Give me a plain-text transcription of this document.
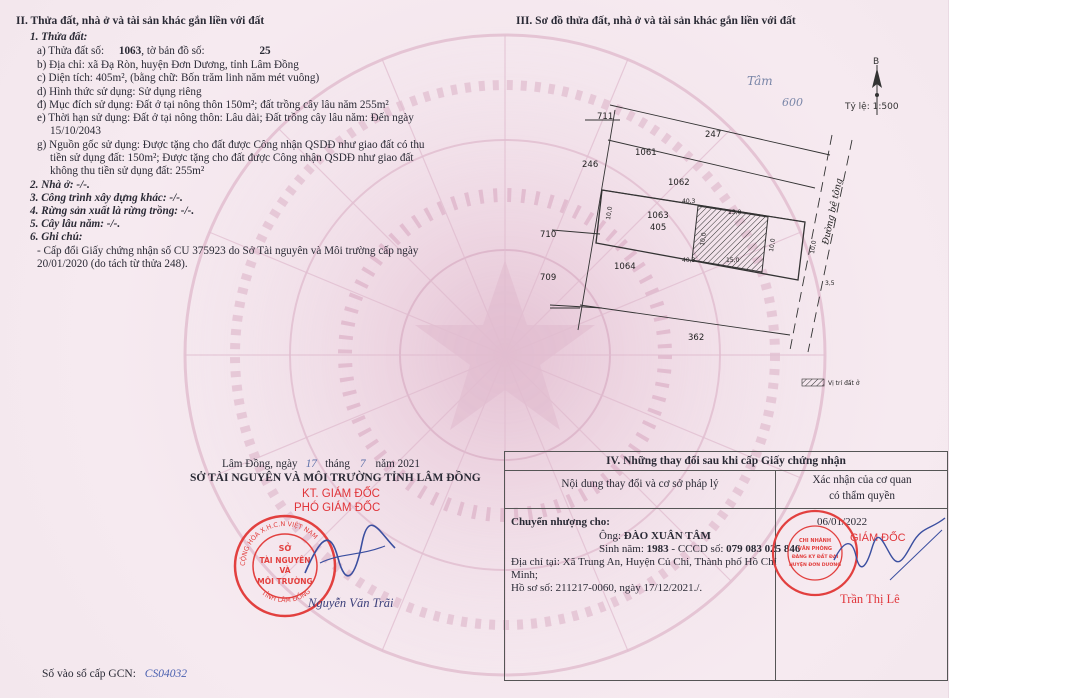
II. Thửa đất, nhà ở và tài sản khác gắn liền với đất
1. Thửa đất:
a) Thửa đất số: 1063, tờ bản đồ số:	25
b) Địa chỉ: xã Đạ Ròn, huyện Đơn Dương, tỉnh Lâm Đồng
c) Diện tích: 405m², (bằng chữ: Bốn trăm linh năm mét vuông)
d) Hình thức sử dụng: Sử dụng riêng
đ) Mục đích sử dụng: Đất ở tại nông thôn 150m²; đất trồng cây lâu năm 255m²
e) Thời hạn sử dụng: Đất ở tại nông thôn: Lâu dài; Đất trồng cây lâu năm: Đến ngày
15/10/2043
g) Nguồn gốc sử dụng: Được tặng cho đất được Công nhận QSDĐ như giao đất có thu
tiền sử dụng đất: 150m²; Được tặng cho đất được Công nhận QSDĐ như giao đất
không thu tiền sử dụng đất: 255m²
2. Nhà ở: -/-.
3. Công trình xây dựng khác: -/-.
4. Rừng sản xuất là rừng trồng: -/-.
5. Cây lâu năm: -/-.
6. Ghi chú:
- Cấp đổi Giấy chứng nhận số CU 375923 do Sở Tài nguyên và Môi trường cấp ngày
20/01/2020 (do tách từ thửa 248).
III. Sơ đồ thửa đất, nhà ở và tài sản khác gắn liền với đất
B
Tỷ lệ: 1:500
Tâm
600
711
247
1061
246
1062
1063
405
710
1064
709
362
40,3
40,3
10,0
10,0
13,0
15,0
10,0	10,0
3,5
Đường bê tông
Vị trí đất ở
Lâm Đồng, ngày 17 tháng 7 năm 2021
SỞ TÀI NGUYÊN VÀ MÔI TRƯỜNG TỈNH LÂM ĐỒNG
KT. GIÁM ĐỐC
PHÓ GIÁM ĐỐC
SỞ
TÀI NGUYÊN
VÀ
MÔI TRƯỜNG
CỘNG HÒA X.H.C.N VIỆT NAM
TỈNH LÂM ĐỒNG
Nguyễn Văn Trãi
Số vào sổ cấp GCN: CS04032
IV. Những thay đổi sau khi cấp Giấy chứng nhận
Nội dung thay đổi và cơ sở pháp lý	Xác nhận của cơ quan
có thẩm quyền
Chuyển nhượng cho:
Ông: ĐÀO XUÂN TÂM
Sinh năm: 1983 - CCCD số: 079 083 025 846
Địa chỉ tại: Xã Trung An, Huyện Củ Chi, Thành phố Hồ Chí
Minh;
Hồ sơ số: 211217-0060, ngày 17/12/2021./.
06/01/2022
GIÁM ĐỐC
Trần Thị Lê
CHI NHÁNH
VĂN PHÒNG
ĐĂNG KÝ ĐẤT ĐAI
HUYỆN ĐƠN DƯƠNG
